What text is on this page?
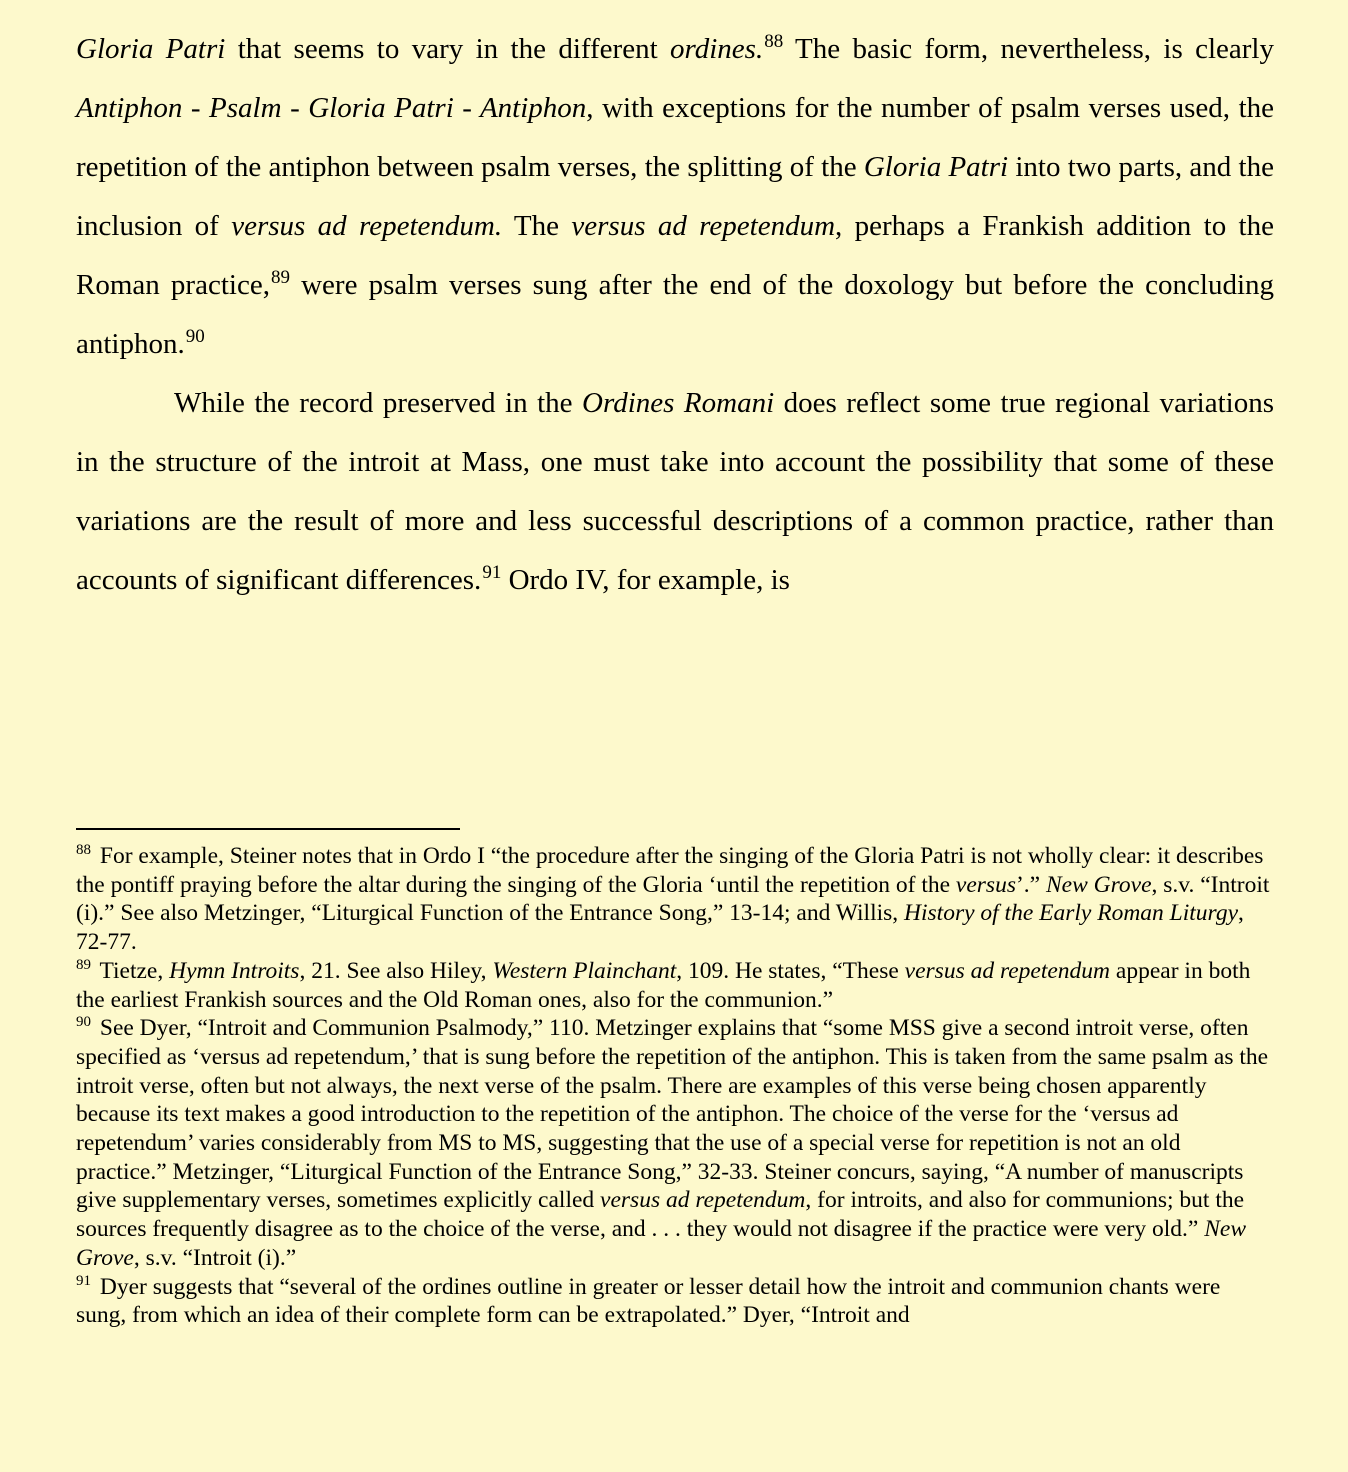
Gloria Patri that seems to vary in the different ordines.$^{88}$ The basic form, nevertheless, is clearly Antiphon - Psalm - Gloria Patri - Antiphon, with exceptions for the number of psalm verses used, the repetition of the antiphon between psalm verses, the splitting of the Gloria Patri into two parts, and the inclusion of versus ad repetendum. The versus ad repetendum, perhaps a Frankish addition to the Roman practice,$^{89}$ were psalm verses sung after the end of the doxology but before the concluding antiphon.$^{90}$

While the record preserved in the Ordines Romani does reflect some true regional variations in the structure of the introit at Mass, one must take into account the possibility that some of these variations are the result of more and less successful descriptions of a common practice, rather than accounts of significant differences.$^{91}$ Ordo IV, for example, is

$^{88}$ For example, Steiner notes that in Ordo I “the procedure after the singing of the Gloria Patri is not wholly clear: it describes the pontiff praying before the altar during the singing of the Gloria ‘until the repetition of the versus’.” New Grove, s.v. “Introit (i).” See also Metzinger, “Liturgical Function of the Entrance Song,” 13-14; and Willis, History of the Early Roman Liturgy, 72-77.

$^{89}$ Tietze, Hymn Introits, 21. See also Hiley, Western Plainchant, 109. He states, “These versus ad repetendum appear in both the earliest Frankish sources and the Old Roman ones, also for the communion.”

$^{90}$ See Dyer, “Introit and Communion Psalmody,” 110. Metzinger explains that “some MSS give a second introit verse, often specified as ‘versus ad repetendum,’ that is sung before the repetition of the antiphon. This is taken from the same psalm as the introit verse, often but not always, the next verse of the psalm. There are examples of this verse being chosen apparently because its text makes a good introduction to the repetition of the antiphon. The choice of the verse for the ‘versus ad repetendum’ varies considerably from MS to MS, suggesting that the use of a special verse for repetition is not an old practice.” Metzinger, “Liturgical Function of the Entrance Song,” 32-33. Steiner concurs, saying, “A number of manuscripts give supplementary verses, sometimes explicitly called versus ad repetendum, for introits, and also for communions; but the sources frequently disagree as to the choice of the verse, and . . . they would not disagree if the practice were very old.” New Grove, s.v. “Introit (i).”

$^{91}$ Dyer suggests that “several of the ordines outline in greater or lesser detail how the introit and communion chants were sung, from which an idea of their complete form can be extrapolated.” Dyer, “Introit and
